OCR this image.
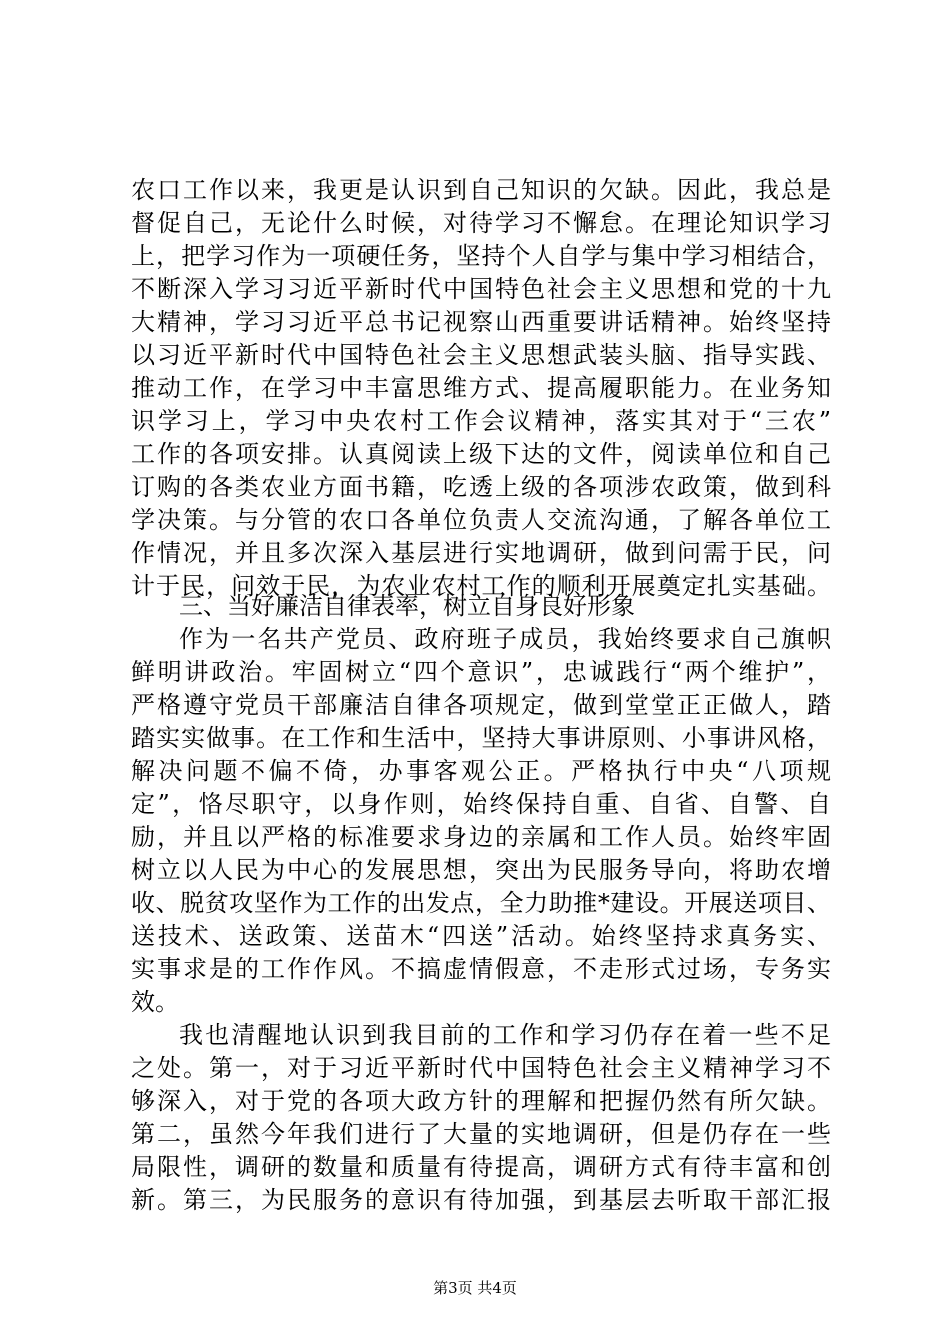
农口工作以来，我更是认识到自己知识的欠缺。因此，我总是
督促自己，无论什么时候，对待学习不懈怠。在理论知识学习
上，把学习作为一项硬任务，坚持个人自学与集中学习相结合，
不断深入学习习近平新时代中国特色社会主义思想和党的十九
大精神，学习习近平总书记视察山西重要讲话精神。始终坚持
以习近平新时代中国特色社会主义思想武装头脑、指导实践、
推动工作，在学习中丰富思维方式、提高履职能力。在业务知
识学习上，学习中央农村工作会议精神，落实其对于“三农”
工作的各项安排。认真阅读上级下达的文件，阅读单位和自己
订购的各类农业方面书籍，吃透上级的各项涉农政策，做到科
学决策。与分管的农口各单位负责人交流沟通，了解各单位工
作情况，并且多次深入基层进行实地调研，做到问需于民，问
计于民，问效于民，为农业农村工作的顺利开展奠定扎实基础。
三、当好廉洁自律表率，树立自身良好形象
作为一名共产党员、政府班子成员，我始终要求自己旗帜
鲜明讲政治。牢固树立“四个意识”，忠诚践行“两个维护”，
严格遵守党员干部廉洁自律各项规定，做到堂堂正正做人，踏
踏实实做事。在工作和生活中，坚持大事讲原则、小事讲风格，
解决问题不偏不倚，办事客观公正。严格执行中央“八项规
定”，恪尽职守，以身作则，始终保持自重、自省、自警、自
励，并且以严格的标准要求身边的亲属和工作人员。始终牢固
树立以人民为中心的发展思想，突出为民服务导向，将助农增
收、脱贫攻坚作为工作的出发点，全力助推*建设。开展送项目、
送技术、送政策、送苗木“四送”活动。始终坚持求真务实、
实事求是的工作作风。不搞虚情假意，不走形式过场，专务实
效。
我也清醒地认识到我目前的工作和学习仍存在着一些不足
之处。第一，对于习近平新时代中国特色社会主义精神学习不
够深入，对于党的各项大政方针的理解和把握仍然有所欠缺。
第二，虽然今年我们进行了大量的实地调研，但是仍存在一些
局限性，调研的数量和质量有待提高，调研方式有待丰富和创
新。第三，为民服务的意识有待加强，到基层去听取干部汇报
第3页 共4页
